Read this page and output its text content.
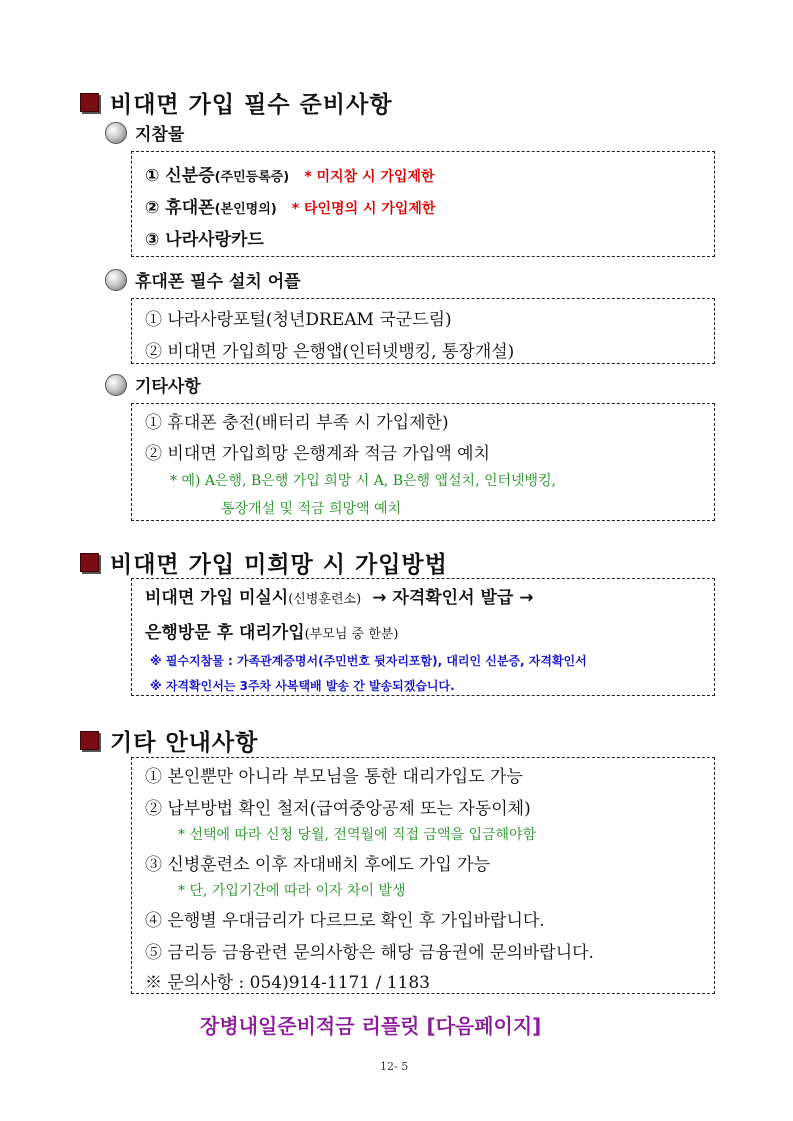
비대면 가입 필수 준비사항
지참물
① 신분증(주민등록증) * 미지참 시 가입제한
② 휴대폰(본인명의) * 타인명의 시 가입제한
③ 나라사랑카드
휴대폰 필수 설치 어플
① 나라사랑포털(청년DREAM 국군드림)
② 비대면 가입희망 은행앱(인터넷뱅킹, 통장개설)
기타사항
① 휴대폰 충전(배터리 부족 시 가입제한)
② 비대면 가입희망 은행계좌 적금 가입액 예치
* 예) A은행, B은행 가입 희망 시 A, B은행 앱설치, 인터넷뱅킹,
통장개설 및 적금 희망액 예치
비대면 가입 미희망 시 가입방법
비대면 가입 미실시(신병훈련소) → 자격확인서 발급 →
은행방문 후 대리가입(부모님 중 한분)
※ 필수지참물 : 가족관계증명서(주민번호 뒷자리포함), 대리인 신분증, 자격확인서
※ 자격확인서는 3주차 사복택배 발송 간 발송되겠습니다.
기타 안내사항
① 본인뿐만 아니라 부모님을 통한 대리가입도 가능
② 납부방법 확인 철저(급여중앙공제 또는 자동이체)
* 선택에 따라 신청 당월, 전역월에 직접 금액을 입금해야함
③ 신병훈련소 이후 자대배치 후에도 가입 가능
* 단, 가입기간에 따라 이자 차이 발생
④ 은행별 우대금리가 다르므로 확인 후 가입바랍니다.
⑤ 금리등 금융관련 문의사항은 해당 금융권에 문의바랍니다.
※ 문의사항 : 054)914-1171 / 1183
장병내일준비적금 리플릿 [다음페이지]
12- 5
